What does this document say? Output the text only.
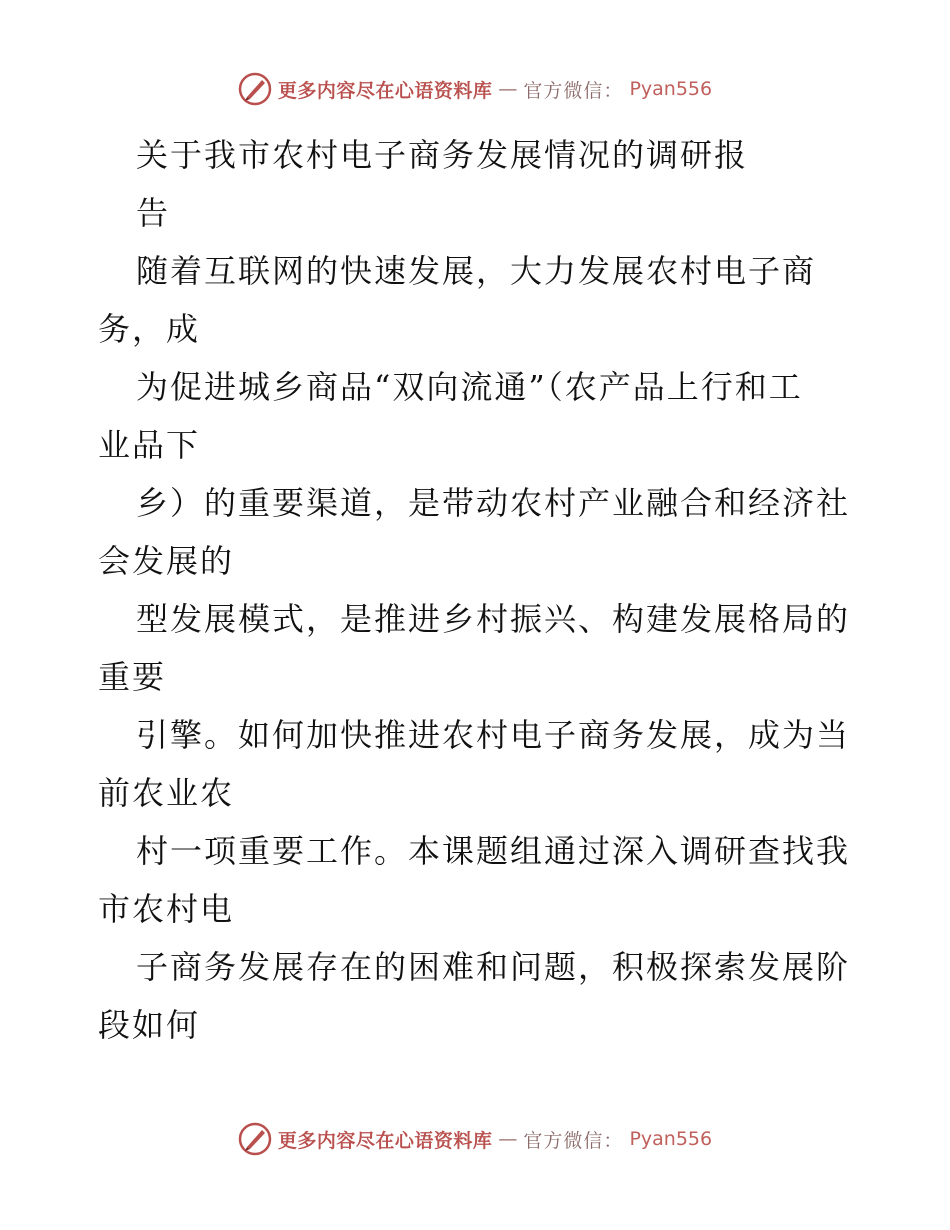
更多内容尽在心语资料库 — 官方微信： Pyan556
关于我市农村电子商务发展情况的调研报
告
随着互联网的快速发展，大力发展农村电子商
务，成
为促进城乡商品“双向流通”（农产品上行和工
业品下
乡）的重要渠道，是带动农村产业融合和经济社
会发展的
型发展模式，是推进乡村振兴、构建发展格局的
重要
引擎。如何加快推进农村电子商务发展，成为当
前农业农
村一项重要工作。本课题组通过深入调研查找我
市农村电
子商务发展存在的困难和问题，积极探索发展阶
段如何
更多内容尽在心语资料库 — 官方微信： Pyan556
